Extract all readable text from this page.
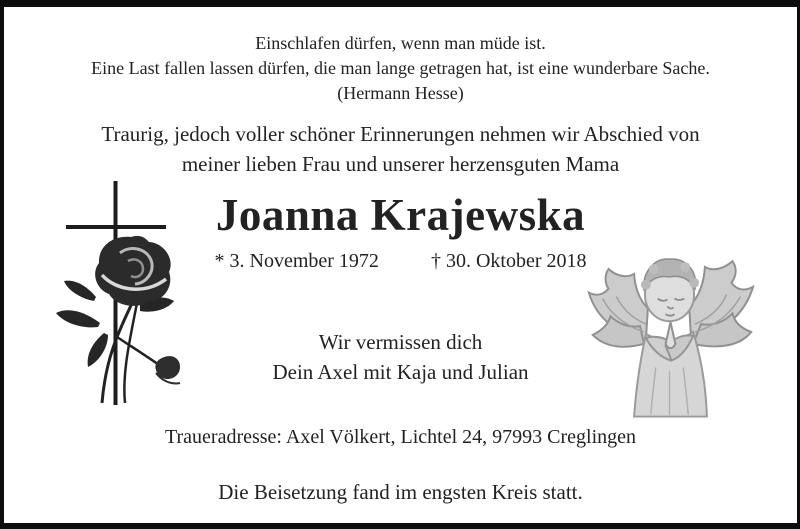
Einschlafen dürfen, wenn man müde ist.
Eine Last fallen lassen dürfen, die man lange getragen hat, ist eine wunderbare Sache.
(Hermann Hesse)
Traurig, jedoch voller schöner Erinnerungen nehmen wir Abschied von
meiner lieben Frau und unserer herzensguten Mama
Joanna Krajewska
* 3. November 1972	† 30. Oktober 2018
Wir vermissen dich
Dein Axel mit Kaja und Julian
Traueradresse: Axel Völkert, Lichtel 24, 97993 Creglingen
Die Beisetzung fand im engsten Kreis statt.
